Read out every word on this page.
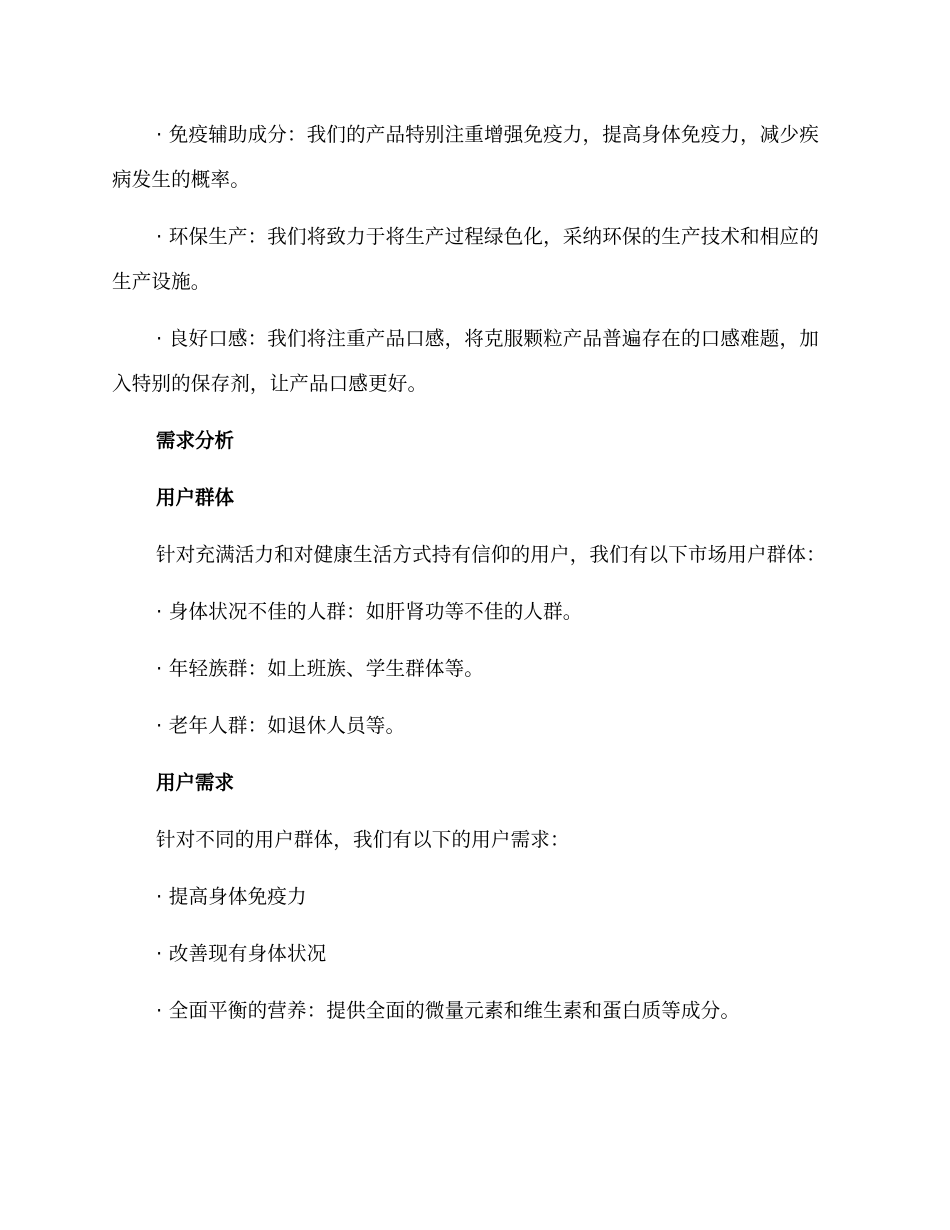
· 免疫辅助成分：我们的产品特别注重增强免疫力，提高身体免疫力，减少疾病发生的概率。

· 环保生产：我们将致力于将生产过程绿色化，采纳环保的生产技术和相应的生产设施。

· 良好口感：我们将注重产品口感，将克服颗粒产品普遍存在的口感难题，加入特别的保存剂，让产品口感更好。

需求分析

用户群体

针对充满活力和对健康生活方式持有信仰的用户，我们有以下市场用户群体：

· 身体状况不佳的人群：如肝肾功等不佳的人群。

· 年轻族群：如上班族、学生群体等。

· 老年人群：如退休人员等。

用户需求

针对不同的用户群体，我们有以下的用户需求：

· 提高身体免疫力

· 改善现有身体状况

· 全面平衡的营养：提供全面的微量元素和维生素和蛋白质等成分。
